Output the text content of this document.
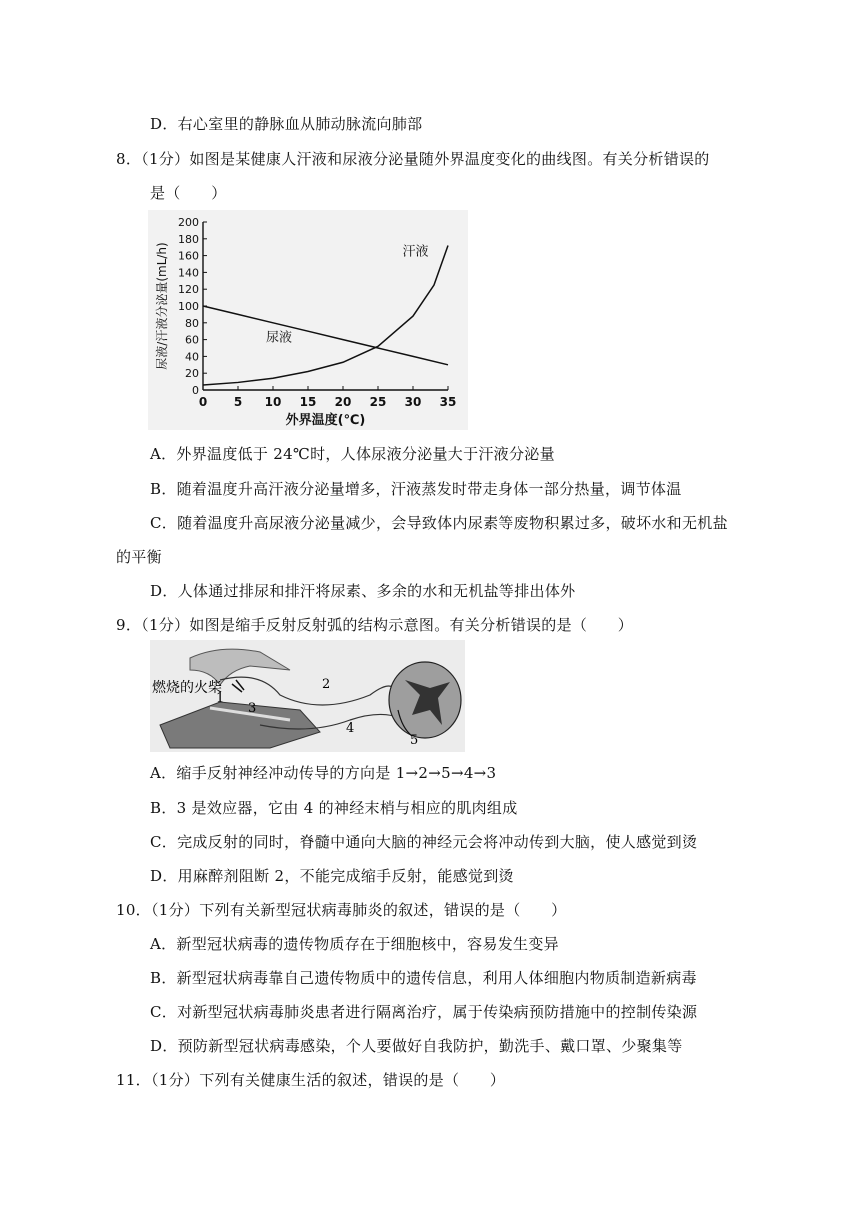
D．右心室里的静脉血从肺动脉流向肺部
8．（1分）如图是某健康人汗液和尿液分泌量随外界温度变化的曲线图。有关分析错误的
是（　　）
0 5 10 15 20 25 30 35
0
20
40
60
80
100
120
140
160
180
200
尿液
汗液
外界温度(℃)
尿液/汗液分泌量(mL/h)
A．外界温度低于 24℃时，人体尿液分泌量大于汗液分泌量
B．随着温度升高汗液分泌量增多，汗液蒸发时带走身体一部分热量，调节体温
C．随着温度升高尿液分泌量减少，会导致体内尿素等废物积累过多，破坏水和无机盐
的平衡
D．人体通过排尿和排汗将尿素、多余的水和无机盐等排出体外
9．（1分）如图是缩手反射反射弧的结构示意图。有关分析错误的是（　　）
燃烧的火柴
1
2
3
4
5
A．缩手反射神经冲动传导的方向是 1→2→5→4→3
B．3 是效应器，它由 4 的神经末梢与相应的肌肉组成
C．完成反射的同时，脊髓中通向大脑的神经元会将冲动传到大脑，使人感觉到烫
D．用麻醉剂阻断 2，不能完成缩手反射，能感觉到烫
10．（1分）下列有关新型冠状病毒肺炎的叙述，错误的是（　　）
A．新型冠状病毒的遗传物质存在于细胞核中，容易发生变异
B．新型冠状病毒靠自己遗传物质中的遗传信息，利用人体细胞内物质制造新病毒
C．对新型冠状病毒肺炎患者进行隔离治疗，属于传染病预防措施中的控制传染源
D．预防新型冠状病毒感染，个人要做好自我防护，勤洗手、戴口罩、少聚集等
11．（1分）下列有关健康生活的叙述，错误的是（　　）
